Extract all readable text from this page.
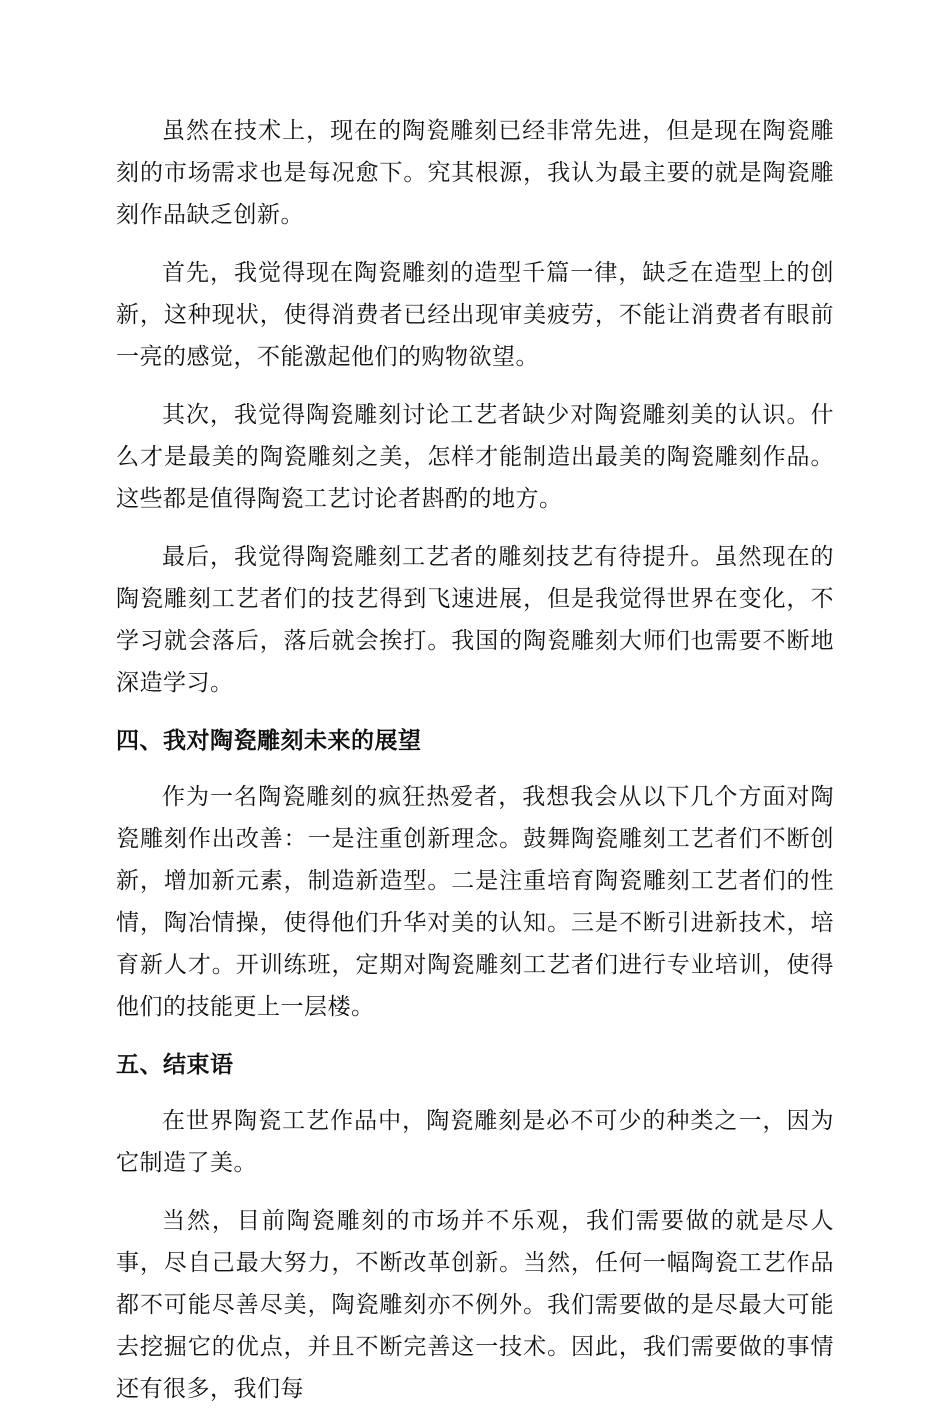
虽然在技术上，现在的陶瓷雕刻已经非常先进，但是现在陶瓷雕刻的市场需求也是每况愈下。究其根源，我认为最主要的就是陶瓷雕刻作品缺乏创新。

首先，我觉得现在陶瓷雕刻的造型千篇一律，缺乏在造型上的创新，这种现状，使得消费者已经出现审美疲劳，不能让消费者有眼前一亮的感觉，不能激起他们的购物欲望。

其次，我觉得陶瓷雕刻讨论工艺者缺少对陶瓷雕刻美的认识。什么才是最美的陶瓷雕刻之美，怎样才能制造出最美的陶瓷雕刻作品。这些都是值得陶瓷工艺讨论者斟酌的地方。

最后，我觉得陶瓷雕刻工艺者的雕刻技艺有待提升。虽然现在的陶瓷雕刻工艺者们的技艺得到飞速进展，但是我觉得世界在变化，不学习就会落后，落后就会挨打。我国的陶瓷雕刻大师们也需要不断地深造学习。

四、我对陶瓷雕刻未来的展望

作为一名陶瓷雕刻的疯狂热爱者，我想我会从以下几个方面对陶瓷雕刻作出改善：一是注重创新理念。鼓舞陶瓷雕刻工艺者们不断创新，增加新元素，制造新造型。二是注重培育陶瓷雕刻工艺者们的性情，陶冶情操，使得他们升华对美的认知。三是不断引进新技术，培育新人才。开训练班，定期对陶瓷雕刻工艺者们进行专业培训，使得他们的技能更上一层楼。

五、结束语

在世界陶瓷工艺作品中，陶瓷雕刻是必不可少的种类之一，因为它制造了美。

当然，目前陶瓷雕刻的市场并不乐观，我们需要做的就是尽人事，尽自己最大努力，不断改革创新。当然，任何一幅陶瓷工艺作品都不可能尽善尽美，陶瓷雕刻亦不例外。我们需要做的是尽最大可能去挖掘它的优点，并且不断完善这一技术。因此，我们需要做的事情还有很多，我们每
